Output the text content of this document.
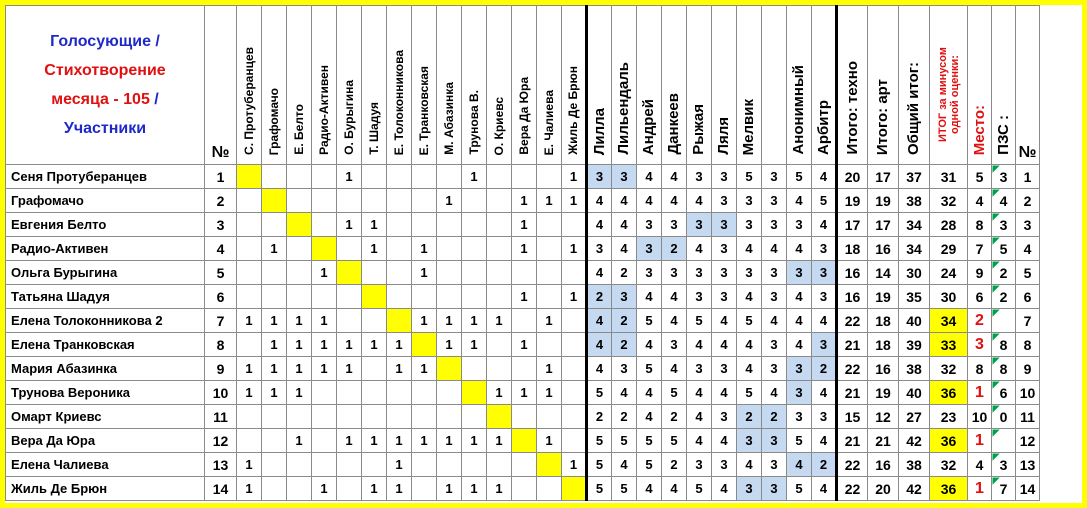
Голосующие /
Стихотворение
месяца - 105 /
Участники	№	С. Протуберанцев	Графомачо	Е. Белто	Радио-Активен	О. Бурыгина	Т. Шадуя	Е. Толоконникова	Е. Транковская	М. Абазинка	Трунова В.	О. Криевс	Вера Да Юра	Е. Чалиева	Жиль Де Брюн	Лилла	Лильендаль	Андрей	Данкеев	Рыжая	Ляля	Мелвик		Анонимный	Арбитр	Итого: техно	Итого: арт	Общий итог:	ИТОГ за минусом одной оценки:	Место:	ПЗС :	№
Сеня Протуберанцев	1					1					1				1	3	3	4	4	3	3	5	3	5	4	20	17	37	31	5	3	1
Графомачо	2									1			1	1	1	4	4	4	4	4	3	3	3	4	5	19	19	38	32	4	4	2
Евгения Белто	3					1	1						1			4	4	3	3	3	3	3	3	3	4	17	17	34	28	8	3	3
Радио-Активен	4		1				1		1				1		1	3	4	3	2	4	3	4	4	4	3	18	16	34	29	7	5	4
Ольга Бурыгина	5				1				1							4	2	3	3	3	3	3	3	3	3	16	14	30	24	9	2	5
Татьяна Шадуя	6												1		1	2	3	4	4	3	3	4	3	4	3	16	19	35	30	6	2	6
Елена Толоконникова 2	7	1	1	1	1				1	1	1	1		1		4	2	5	4	5	4	5	4	4	4	22	18	40	34	2	9	7
Елена Транковская	8		1	1	1	1	1	1		1	1		1			4	2	4	3	4	4	4	3	4	3	21	18	39	33	3	8	8
Мария Абазинка	9	1	1	1	1	1		1	1					1		4	3	5	4	3	3	4	3	3	2	22	16	38	32	8	8	9
Трунова Вероника	10	1	1	1								1	1	1		5	4	4	5	4	4	5	4	3	4	21	19	40	36	1	6	10
Омарт Криевс	11															2	2	4	2	4	3	2	2	3	3	15	12	27	23	10	0	11
Вера Да Юра	12			1		1	1	1	1	1	1	1		1		5	5	5	5	4	4	3	3	5	4	21	21	42	36	1	9	12
Елена Чалиева	13	1						1							1	5	4	5	2	3	3	4	3	4	2	22	16	38	32	4	3	13
Жиль Де Брюн	14	1			1		1	1		1	1	1				5	5	4	4	5	4	3	3	5	4	22	20	42	36	1	7	14
